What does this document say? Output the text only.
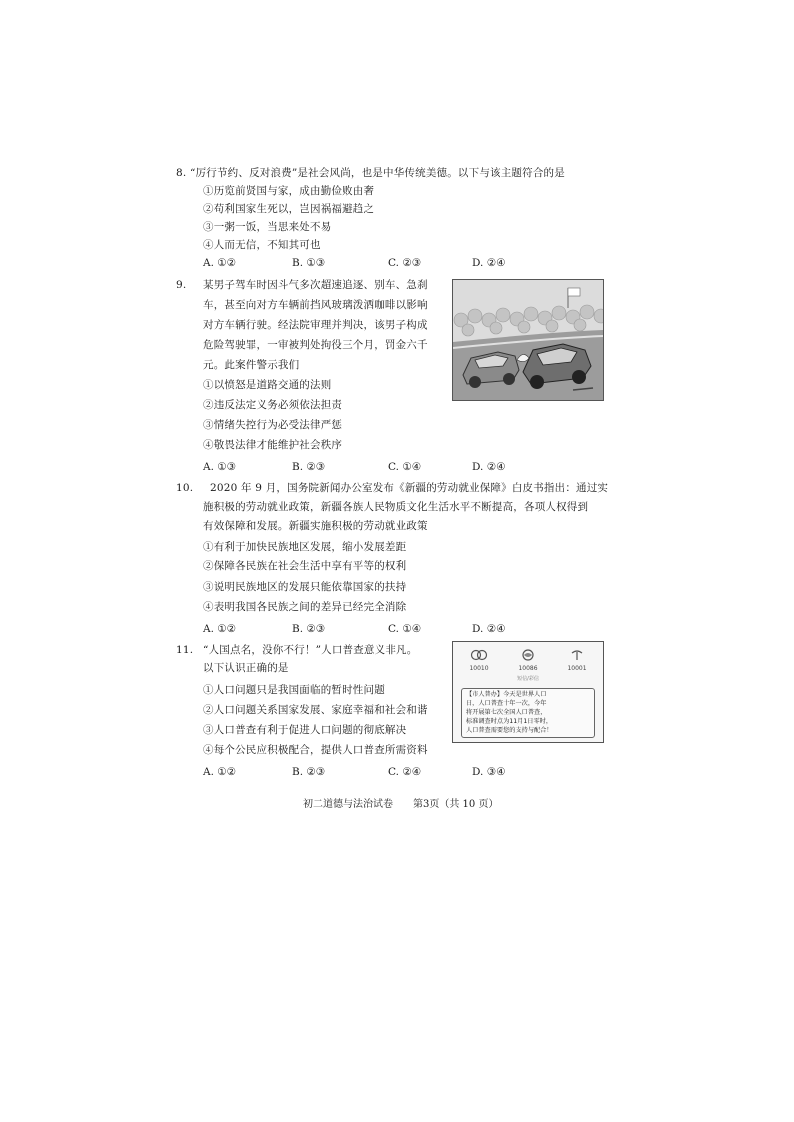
8. “厉行节约、反对浪费”是社会风尚，也是中华传统美德。以下与该主题符合的是
①历览前贤国与家，成由勤俭败由奢
②苟利国家生死以，岂因祸福避趋之
③一粥一饭，当思来处不易
④人而无信，不知其可也
A. ①②	B. ①③	C. ②③	D. ②④
9. 某男子驾车时因斗气多次超速追逐、别车、急刹
车，甚至向对方车辆前挡风玻璃泼洒咖啡以影响
对方车辆行驶。经法院审理并判决，该男子构成
危险驾驶罪，一审被判处拘役三个月，罚金六千
元。此案件警示我们
①以愤怒是道路交通的法则
②违反法定义务必须依法担责
③情绪失控行为必受法律严惩
④敬畏法律才能维护社会秩序
A. ①③	B. ②③	C. ①④	D. ②④
10. 2020 年 9 月，国务院新闻办公室发布《新疆的劳动就业保障》白皮书指出：通过实
施积极的劳动就业政策，新疆各族人民物质文化生活水平不断提高，各项人权得到
有效保障和发展。新疆实施积极的劳动就业政策
①有利于加快民族地区发展，缩小发展差距
②保障各民族在社会生活中享有平等的权利
③说明民族地区的发展只能依靠国家的扶持
④表明我国各民族之间的差异已经完全消除
A. ①②	B. ②③	C. ①④	D. ②④
11. “人国点名，没你不行！”人口普查意义非凡。
以下认识正确的是
①人口问题只是我国面临的暂时性问题
②人口问题关系国家发展、家庭幸福和社会和谐
③人口普查有利于促进人口问题的彻底解决
④每个公民应积极配合，提供人口普查所需资料
A. ①②	B. ②③	C. ②④	D. ③④
10010	10086	10001
短信/彩信
【市人普办】今天是世界人口
日，人口普查十年一次，今年
将开展第七次全国人口普查，
标准调查时点为11月1日零时，
人口普查需要您的支持与配合！
初二道德与法治试卷　　第3页（共 10 页）
